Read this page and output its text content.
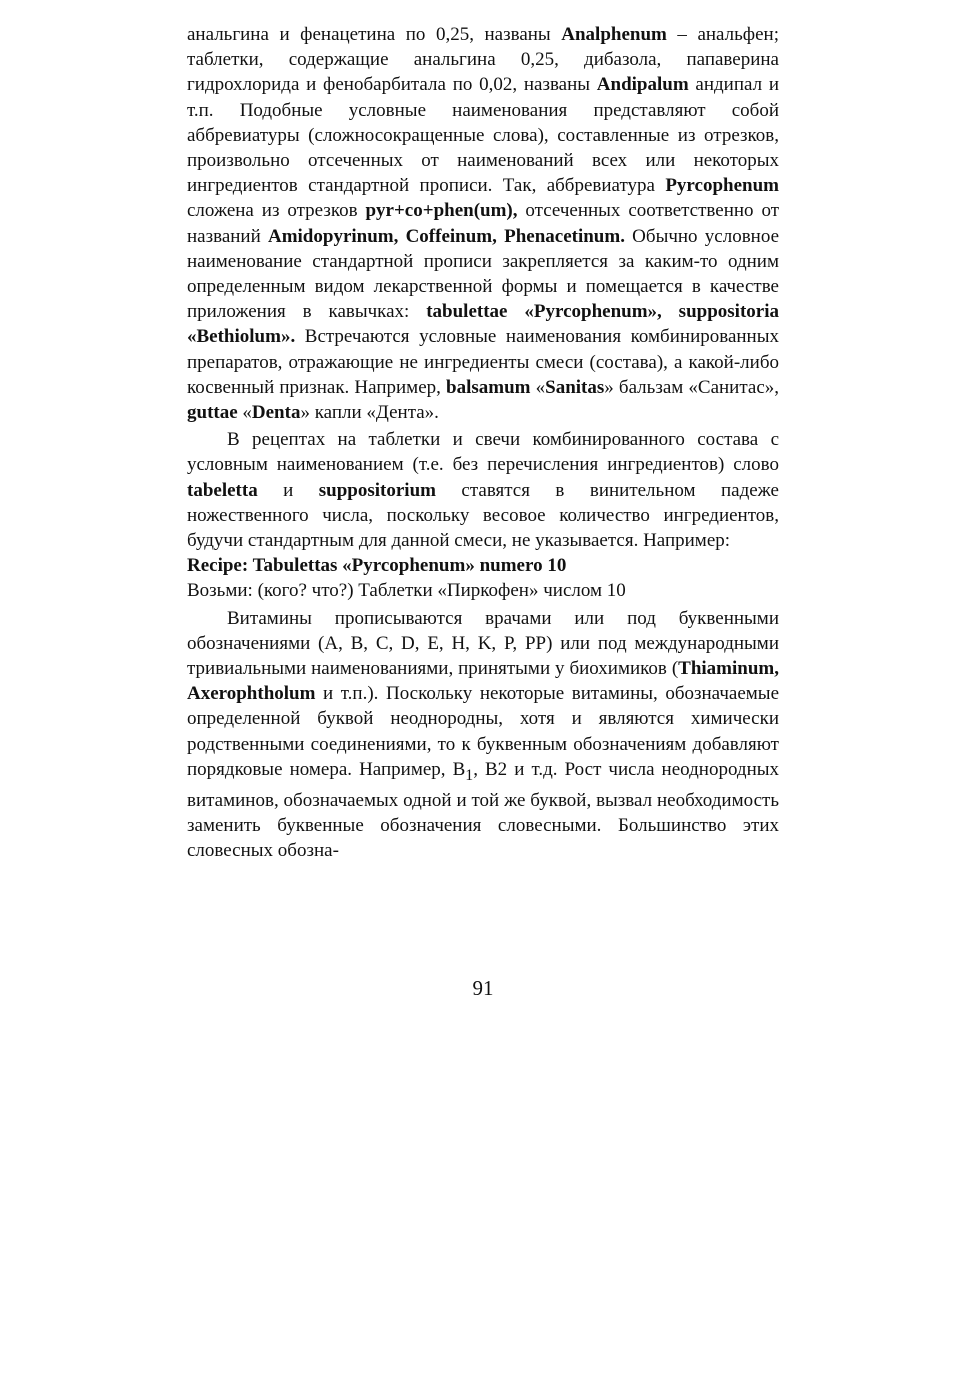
анальгина и фенацетина по 0,25, названы Analphenum – анальфен; таблетки, содержащие анальгина 0,25, дибазола, папаверина гидрохлорида и фенобарбитала по 0,02, названы Andipalum андипал и т.п. Подобные условные наименования представляют собой аббревиатуры (сложносокращенные слова), составленные из отрезков, произвольно отсеченных от наименований всех или некоторых ингредиентов стандартной прописи. Так, аббревиатура Pyrcophenum сложена из отрезков pyr+co+phen(um), отсеченных соответственно от названий Amidopyrinum, Coffeinum, Phenacetinum. Обычно условное наименование стандартной прописи закрепляется за каким-то одним определенным видом лекарственной формы и помещается в качестве приложения в кавычках: tabulettae «Pyrcophenum», suppositoria «Bethiolum». Встречаются условные наименования комбинированных препаратов, отражающие не ингредиенты смеси (состава), а какой-либо косвенный признак. Например, balsamum «Sanitas» бальзам «Санитас», guttae «Denta» капли «Дента».

В рецептах на таблетки и свечи комбинированного состава с условным наименованием (т.е. без перечисления ингредиентов) слово tabeletta и suppositorium ставятся в винительном падеже ножественного числа, поскольку весовое количество ингредиентов, будучи стандартным для данной смеси, не указывается. Например:

Recipe: Tabulettas «Pyrcophenum» numero 10

Возьми: (кого? что?) Таблетки «Пиркофен» числом 10

Витамины прописываются врачами или под буквенными обозначениями (А, В, С, D, E, H, K, P, PP) или под международными тривиальными наименованиями, принятыми у биохимиков (Thiaminum, Axerophtholum и т.п.). Поскольку некоторые витамины, обозначаемые определенной буквой неоднородны, хотя и являются химически родственными соединениями, то к буквенным обозначениям добавляют порядковые номера. Например, $B_1$, B2 и т.д. Рост числа неоднородных витаминов, обозначаемых одной и той же буквой, вызвал необходимость заменить буквенные обозначения словесными. Большинство этих словесных обозна-

91
